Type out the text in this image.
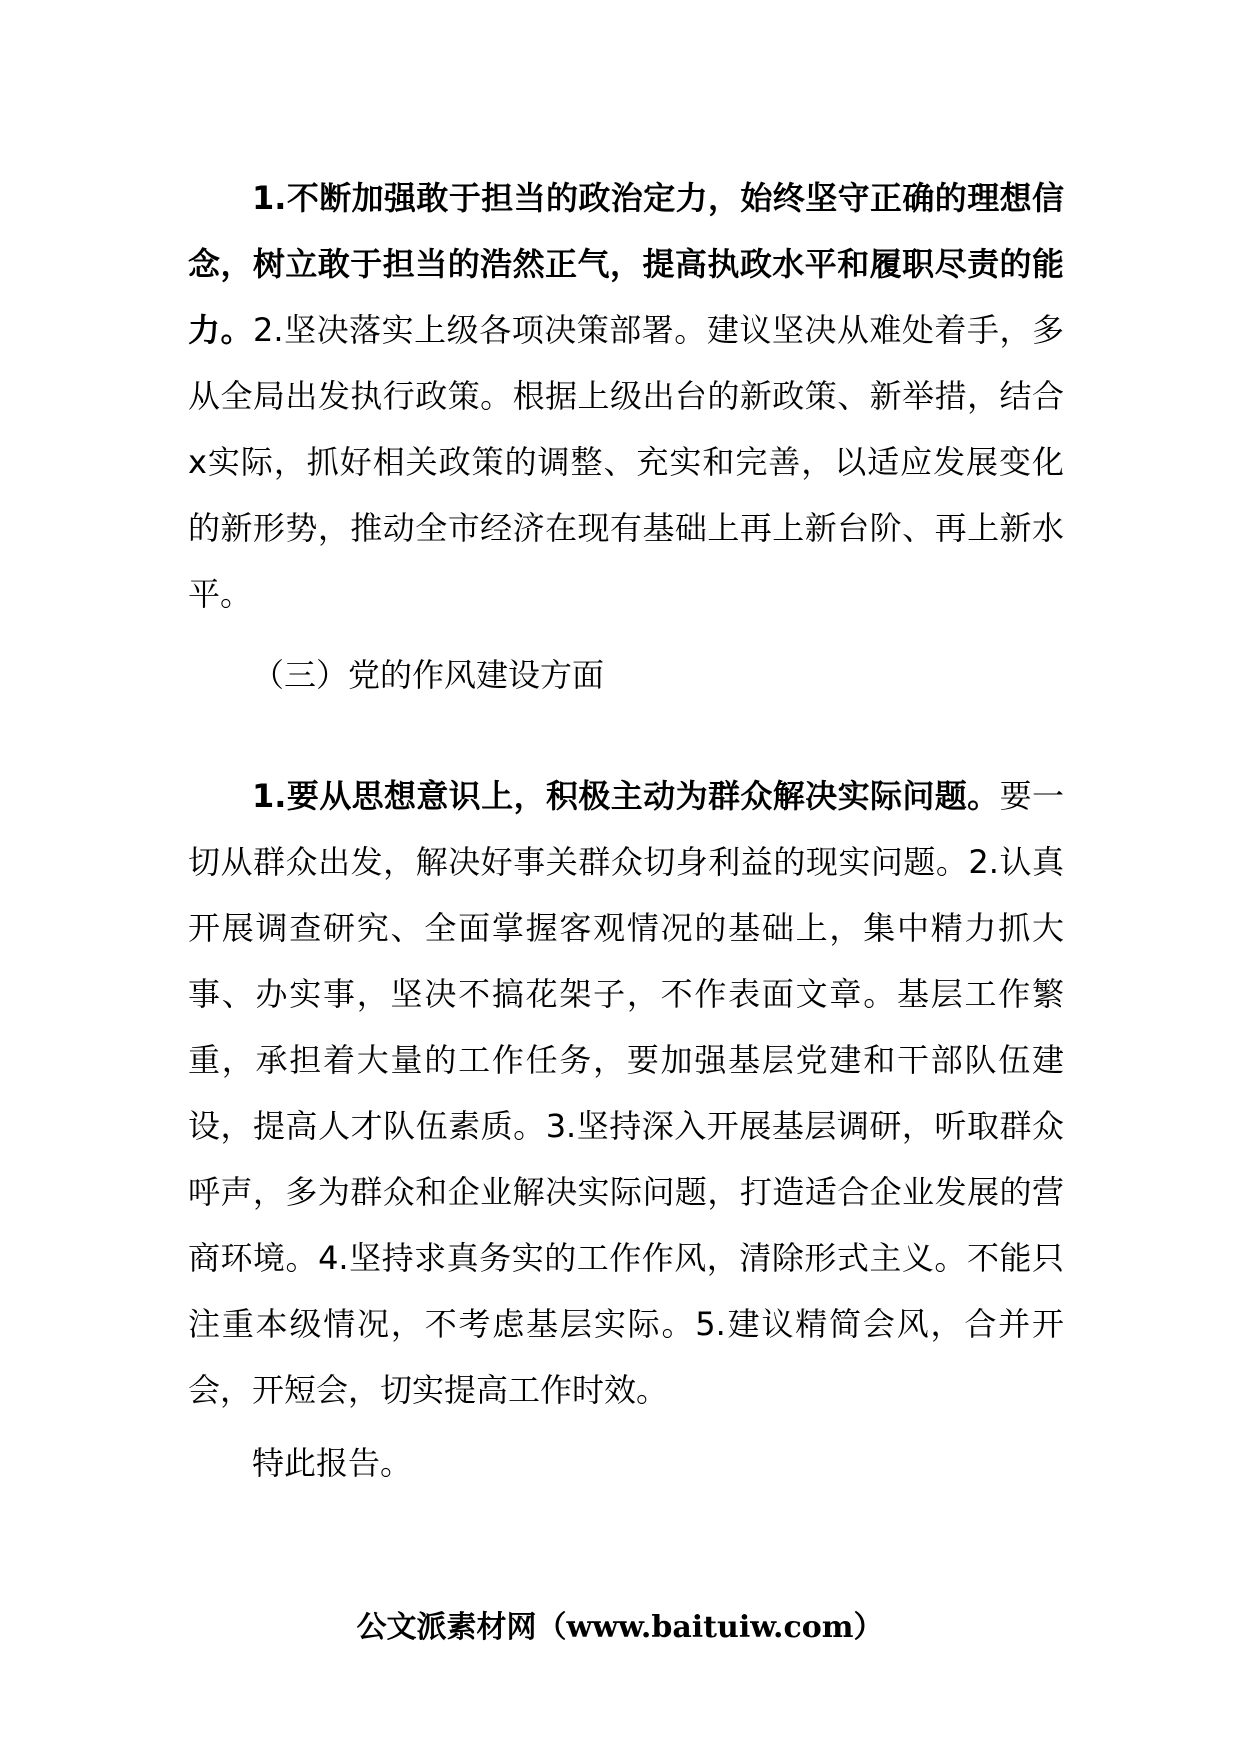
1.不断加强敢于担当的政治定力，始终坚守正确的理想信念，树立敢于担当的浩然正气，提高执政水平和履职尽责的能力。2.坚决落实上级各项决策部署。建议坚决从难处着手，多从全局出发执行政策。根据上级出台的新政策、新举措，结合x实际，抓好相关政策的调整、充实和完善，以适应发展变化的新形势，推动全市经济在现有基础上再上新台阶、再上新水平。

（三）党的作风建设方面

1.要从思想意识上，积极主动为群众解决实际问题。要一切从群众出发，解决好事关群众切身利益的现实问题。2.认真开展调查研究、全面掌握客观情况的基础上，集中精力抓大事、办实事，坚决不搞花架子，不作表面文章。基层工作繁重，承担着大量的工作任务，要加强基层党建和干部队伍建设，提高人才队伍素质。3.坚持深入开展基层调研，听取群众呼声，多为群众和企业解决实际问题，打造适合企业发展的营商环境。4.坚持求真务实的工作作风，清除形式主义。不能只注重本级情况，不考虑基层实际。5.建议精简会风，合并开会，开短会，切实提高工作时效。

特此报告。

公文派素材网（www.baituiw.com）
